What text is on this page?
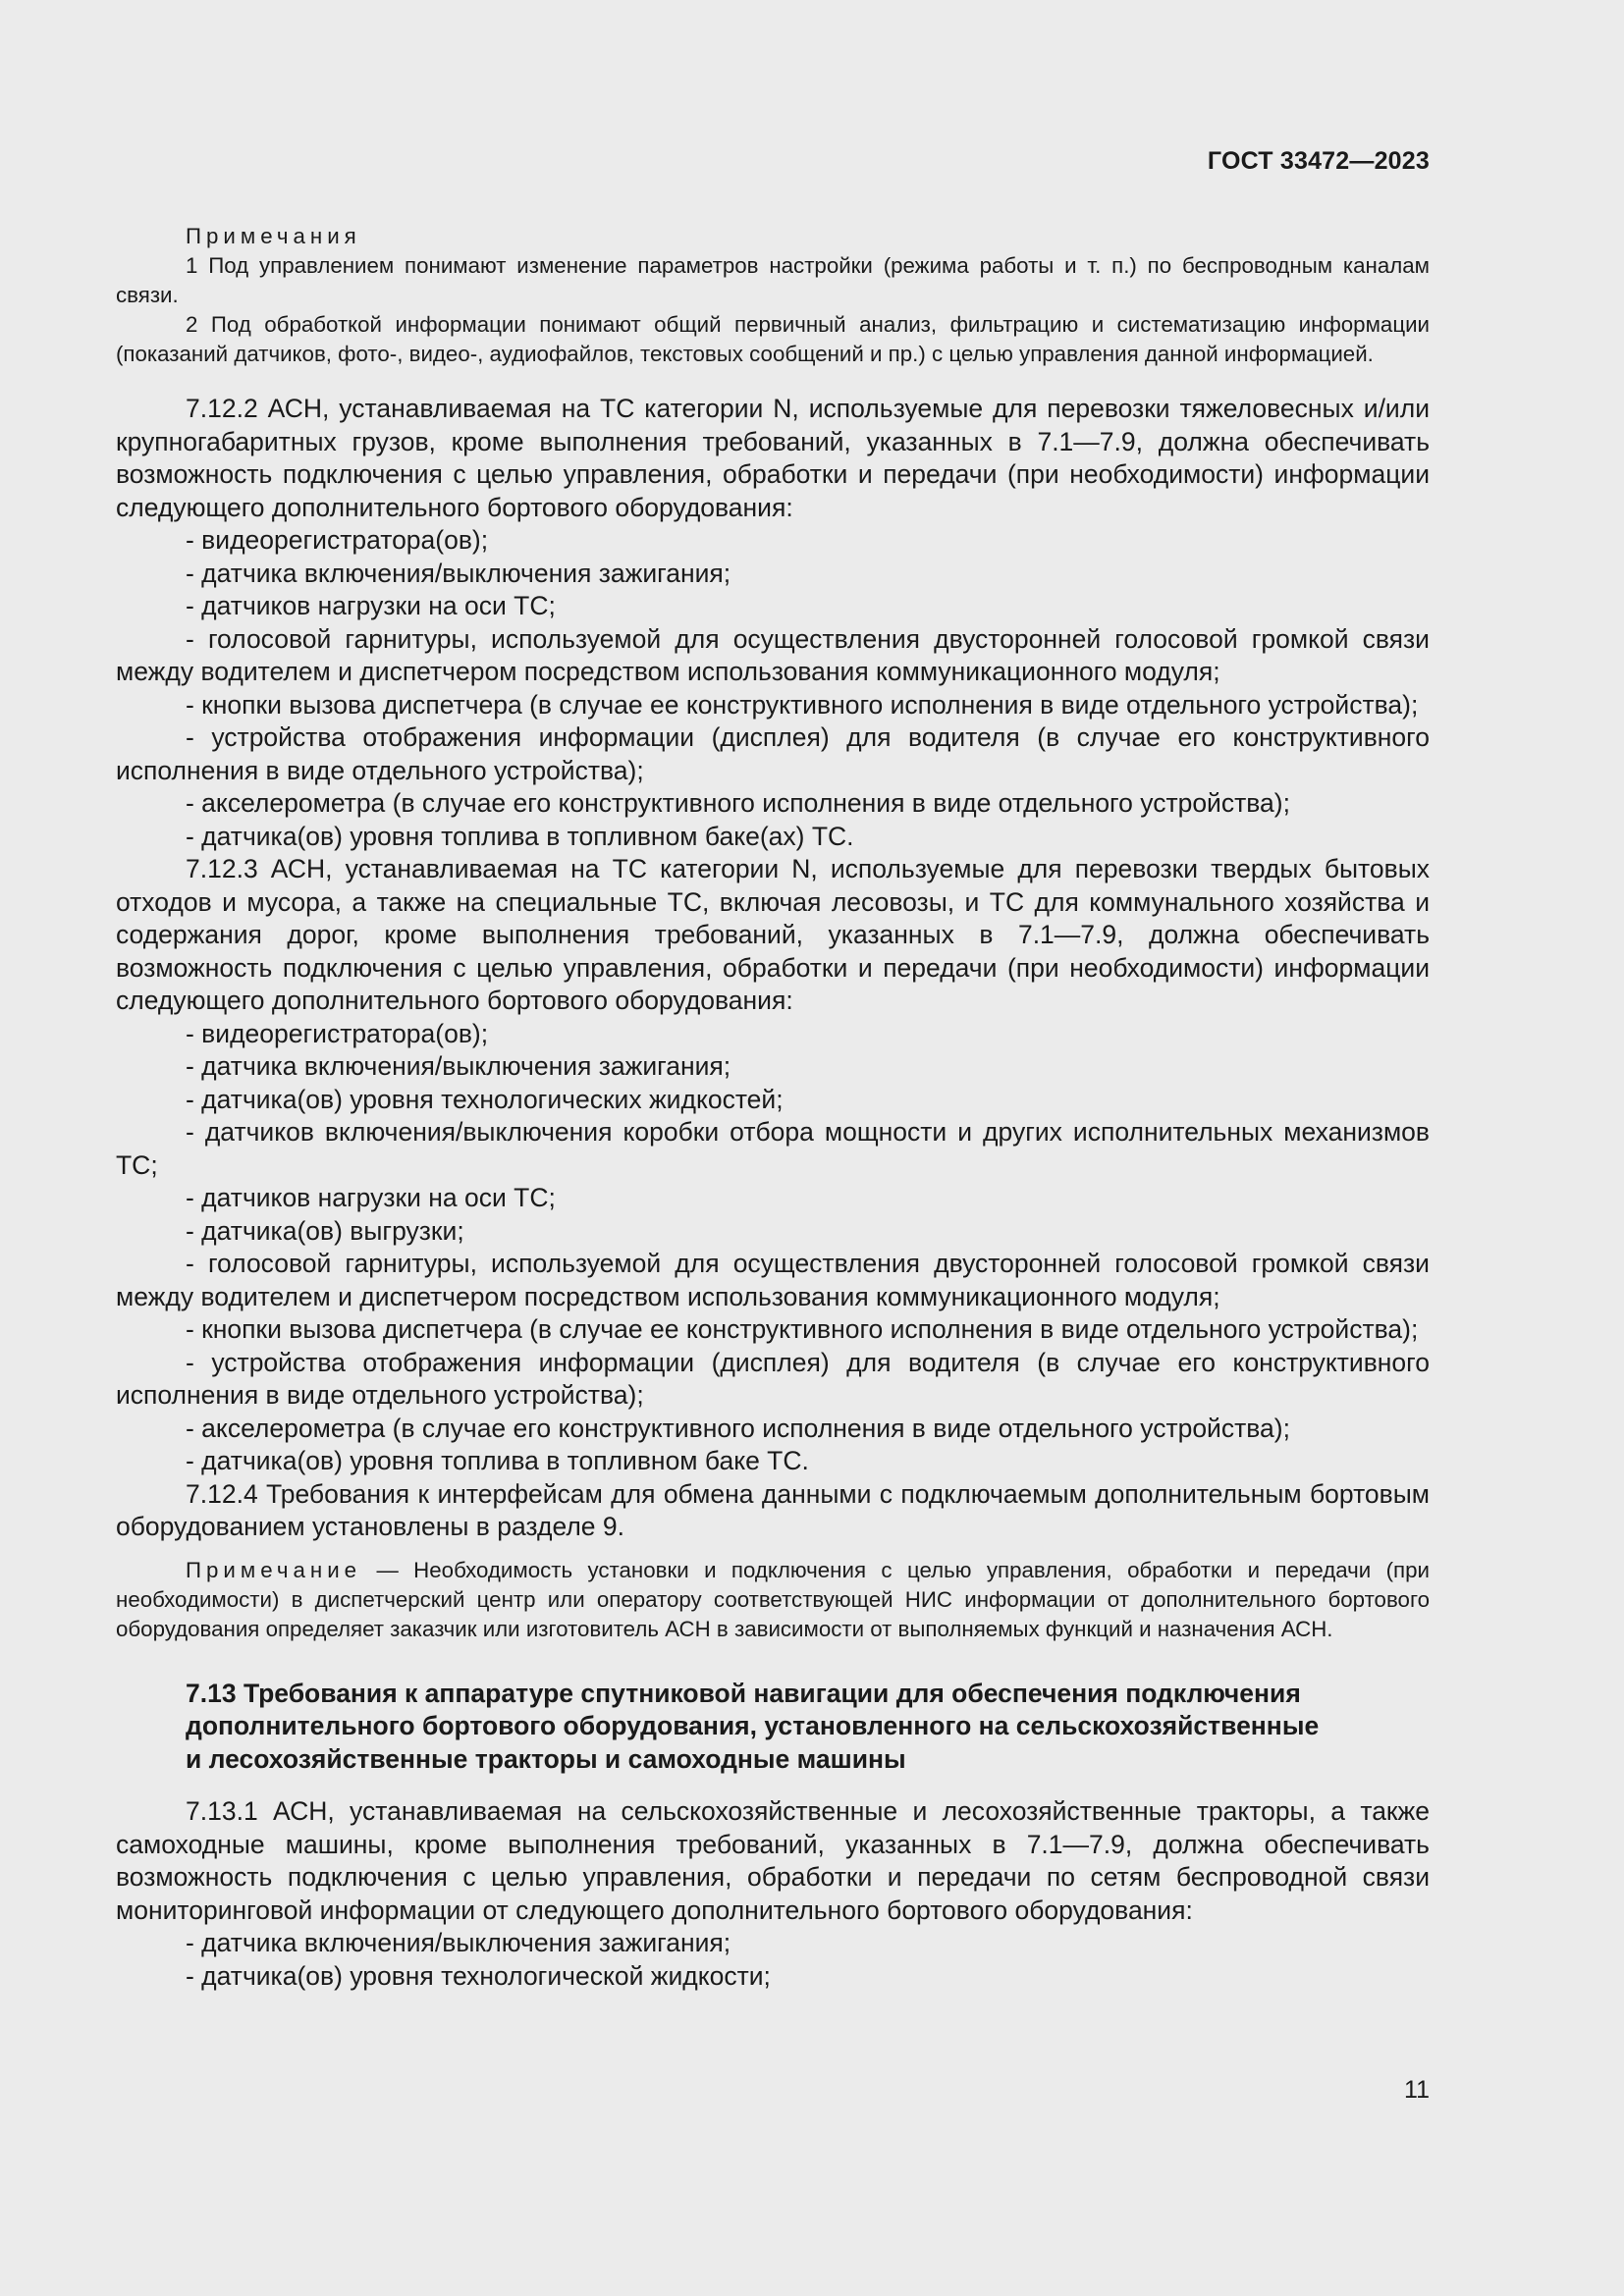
ГОСТ 33472—2023

Примечания

1 Под управлением понимают изменение параметров настройки (режима работы и т. п.) по беспроводным каналам связи.

2 Под обработкой информации понимают общий первичный анализ, фильтрацию и систематизацию информации (показаний датчиков, фото-, видео-, аудиофайлов, текстовых сообщений и пр.) с целью управления данной информацией.

7.12.2 АСН, устанавливаемая на ТС категории N, используемые для перевозки тяжеловесных и/или крупногабаритных грузов, кроме выполнения требований, указанных в 7.1—7.9, должна обеспечивать возможность подключения с целью управления, обработки и передачи (при необходимости) информации следующего дополнительного бортового оборудования:

- видеорегистратора(ов);

- датчика включения/выключения зажигания;

- датчиков нагрузки на оси ТС;

- голосовой гарнитуры, используемой для осуществления двусторонней голосовой громкой связи между водителем и диспетчером посредством использования коммуникационного модуля;

- кнопки вызова диспетчера (в случае ее конструктивного исполнения в виде отдельного устройства);

- устройства отображения информации (дисплея) для водителя (в случае его конструктивного исполнения в виде отдельного устройства);

- акселерометра (в случае его конструктивного исполнения в виде отдельного устройства);

- датчика(ов) уровня топлива в топливном баке(ах) ТС.

7.12.3 АСН, устанавливаемая на ТС категории N, используемые для перевозки твердых бытовых отходов и мусора, а также на специальные ТС, включая лесовозы, и ТС для коммунального хозяйства и содержания дорог, кроме выполнения требований, указанных в 7.1—7.9, должна обеспечивать возможность подключения с целью управления, обработки и передачи (при необходимости) информации следующего дополнительного бортового оборудования:

- видеорегистратора(ов);

- датчика включения/выключения зажигания;

- датчика(ов) уровня технологических жидкостей;

- датчиков включения/выключения коробки отбора мощности и других исполнительных механизмов ТС;

- датчиков нагрузки на оси ТС;

- датчика(ов) выгрузки;

- голосовой гарнитуры, используемой для осуществления двусторонней голосовой громкой связи между водителем и диспетчером посредством использования коммуникационного модуля;

- кнопки вызова диспетчера (в случае ее конструктивного исполнения в виде отдельного устройства);

- устройства отображения информации (дисплея) для водителя (в случае его конструктивного исполнения в виде отдельного устройства);

- акселерометра (в случае его конструктивного исполнения в виде отдельного устройства);

- датчика(ов) уровня топлива в топливном баке ТС.

7.12.4 Требования к интерфейсам для обмена данными с подключаемым дополнительным бортовым оборудованием установлены в разделе 9.

Примечание — Необходимость установки и подключения с целью управления, обработки и передачи (при необходимости) в диспетчерский центр или оператору соответствующей НИС информации от дополнительного бортового оборудования определяет заказчик или изготовитель АСН в зависимости от выполняемых функций и назначения АСН.

7.13 Требования к аппаратуре спутниковой навигации для обеспечения подключения
дополнительного бортового оборудования, установленного на сельскохозяйственные
и лесохозяйственные тракторы и самоходные машины

7.13.1 АСН, устанавливаемая на сельскохозяйственные и лесохозяйственные тракторы, а также самоходные машины, кроме выполнения требований, указанных в 7.1—7.9, должна обеспечивать возможность подключения с целью управления, обработки и передачи по сетям беспроводной связи мониторинговой информации от следующего дополнительного бортового оборудования:

- датчика включения/выключения зажигания;

- датчика(ов) уровня технологической жидкости;

11
